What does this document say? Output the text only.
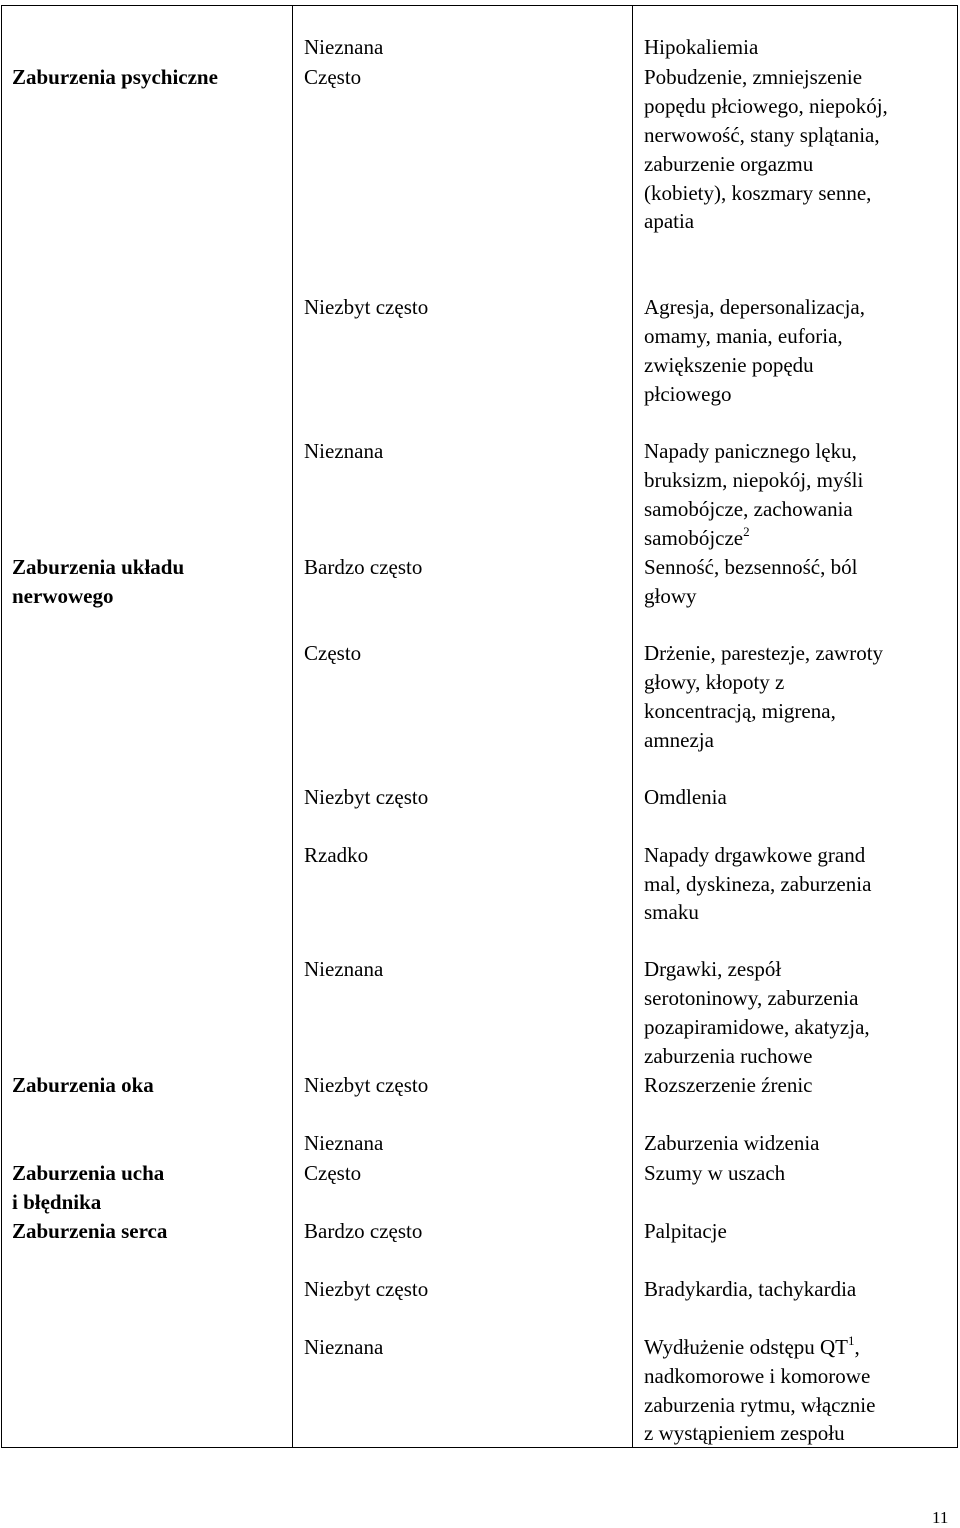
Zaburzenia psychiczne
Zaburzenia układu
nerwowego
Zaburzenia oka
Zaburzenia ucha
i błędnika
Zaburzenia serca
Nieznana
Często
Niezbyt często
Nieznana
Bardzo często
Często
Niezbyt często
Rzadko
Nieznana
Niezbyt często
Nieznana
Często
Bardzo często
Niezbyt często
Nieznana
Hipokaliemia
Pobudzenie, zmniejszenie
popędu płciowego, niepokój,
nerwowość, stany splątania,
zaburzenie orgazmu
(kobiety), koszmary senne,
apatia
Agresja, depersonalizacja,
omamy, mania, euforia,
zwiększenie popędu
płciowego
Napady panicznego lęku,
bruksizm, niepokój, myśli
samobójcze, zachowania
samobójcze$^2$
Senność, bezsenność, ból
głowy
Drżenie, parestezje, zawroty
głowy, kłopoty z
koncentracją, migrena,
amnezja
Omdlenia
Napady drgawkowe grand
mal, dyskineza, zaburzenia
smaku
Drgawki, zespół
serotoninowy, zaburzenia
pozapiramidowe, akatyzja,
zaburzenia ruchowe
Rozszerzenie źrenic
Zaburzenia widzenia
Szumy w uszach
Palpitacje
Bradykardia, tachykardia
Wydłużenie odstępu $QT^1$,
nadkomorowe i komorowe
zaburzenia rytmu, włącznie
z wystąpieniem zespołu
11
